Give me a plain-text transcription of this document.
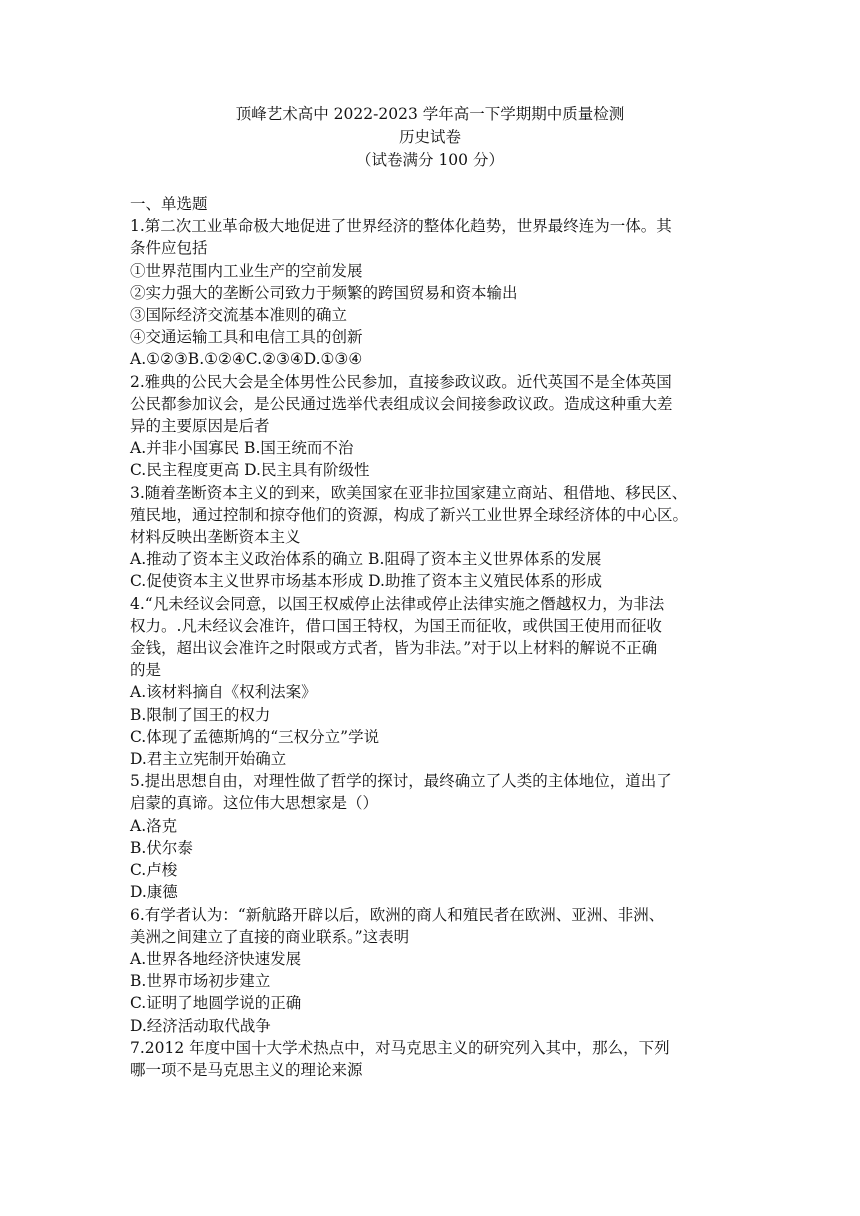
顶峰艺术高中 2022-2023 学年高一下学期期中质量检测
历史试卷
（试卷满分 100 分）
一、单选题
1.第二次工业革命极大地促进了世界经济的整体化趋势，世界最终连为一体。其
条件应包括
①世界范围内工业生产的空前发展
②实力强大的垄断公司致力于频繁的跨国贸易和资本输出
③国际经济交流基本准则的确立
④交通运输工具和电信工具的创新
A.①②③B.①②④C.②③④D.①③④
2.雅典的公民大会是全体男性公民参加，直接参政议政。近代英国不是全体英国
公民都参加议会，是公民通过选举代表组成议会间接参政议政。造成这种重大差
异的主要原因是后者
A.并非小国寡民 B.国王统而不治
C.民主程度更高 D.民主具有阶级性
3.随着垄断资本主义的到来，欧美国家在亚非拉国家建立商站、租借地、移民区、
殖民地，通过控制和掠夺他们的资源，构成了新兴工业世界全球经济体的中心区。
材料反映出垄断资本主义
A.推动了资本主义政治体系的确立 B.阻碍了资本主义世界体系的发展
C.促使资本主义世界市场基本形成 D.助推了资本主义殖民体系的形成
4.“凡未经议会同意，以国王权威停止法律或停止法律实施之僭越权力，为非法
权力。.凡未经议会准许，借口国王特权，为国王而征收，或供国王使用而征收
金钱，超出议会准许之时限或方式者，皆为非法。”对于以上材料的解说不正确
的是
A.该材料摘自《权利法案》
B.限制了国王的权力
C.体现了孟德斯鸠的“三权分立”学说
D.君主立宪制开始确立
5.提出思想自由，对理性做了哲学的探讨，最终确立了人类的主体地位，道出了
启蒙的真谛。这位伟大思想家是（）
A.洛克
B.伏尔泰
C.卢梭
D.康德
6.有学者认为：“新航路开辟以后，欧洲的商人和殖民者在欧洲、亚洲、非洲、
美洲之间建立了直接的商业联系。”这表明
A.世界各地经济快速发展
B.世界市场初步建立
C.证明了地圆学说的正确
D.经济活动取代战争
7.2012 年度中国十大学术热点中，对马克思主义的研究列入其中，那么，下列
哪一项不是马克思主义的理论来源
